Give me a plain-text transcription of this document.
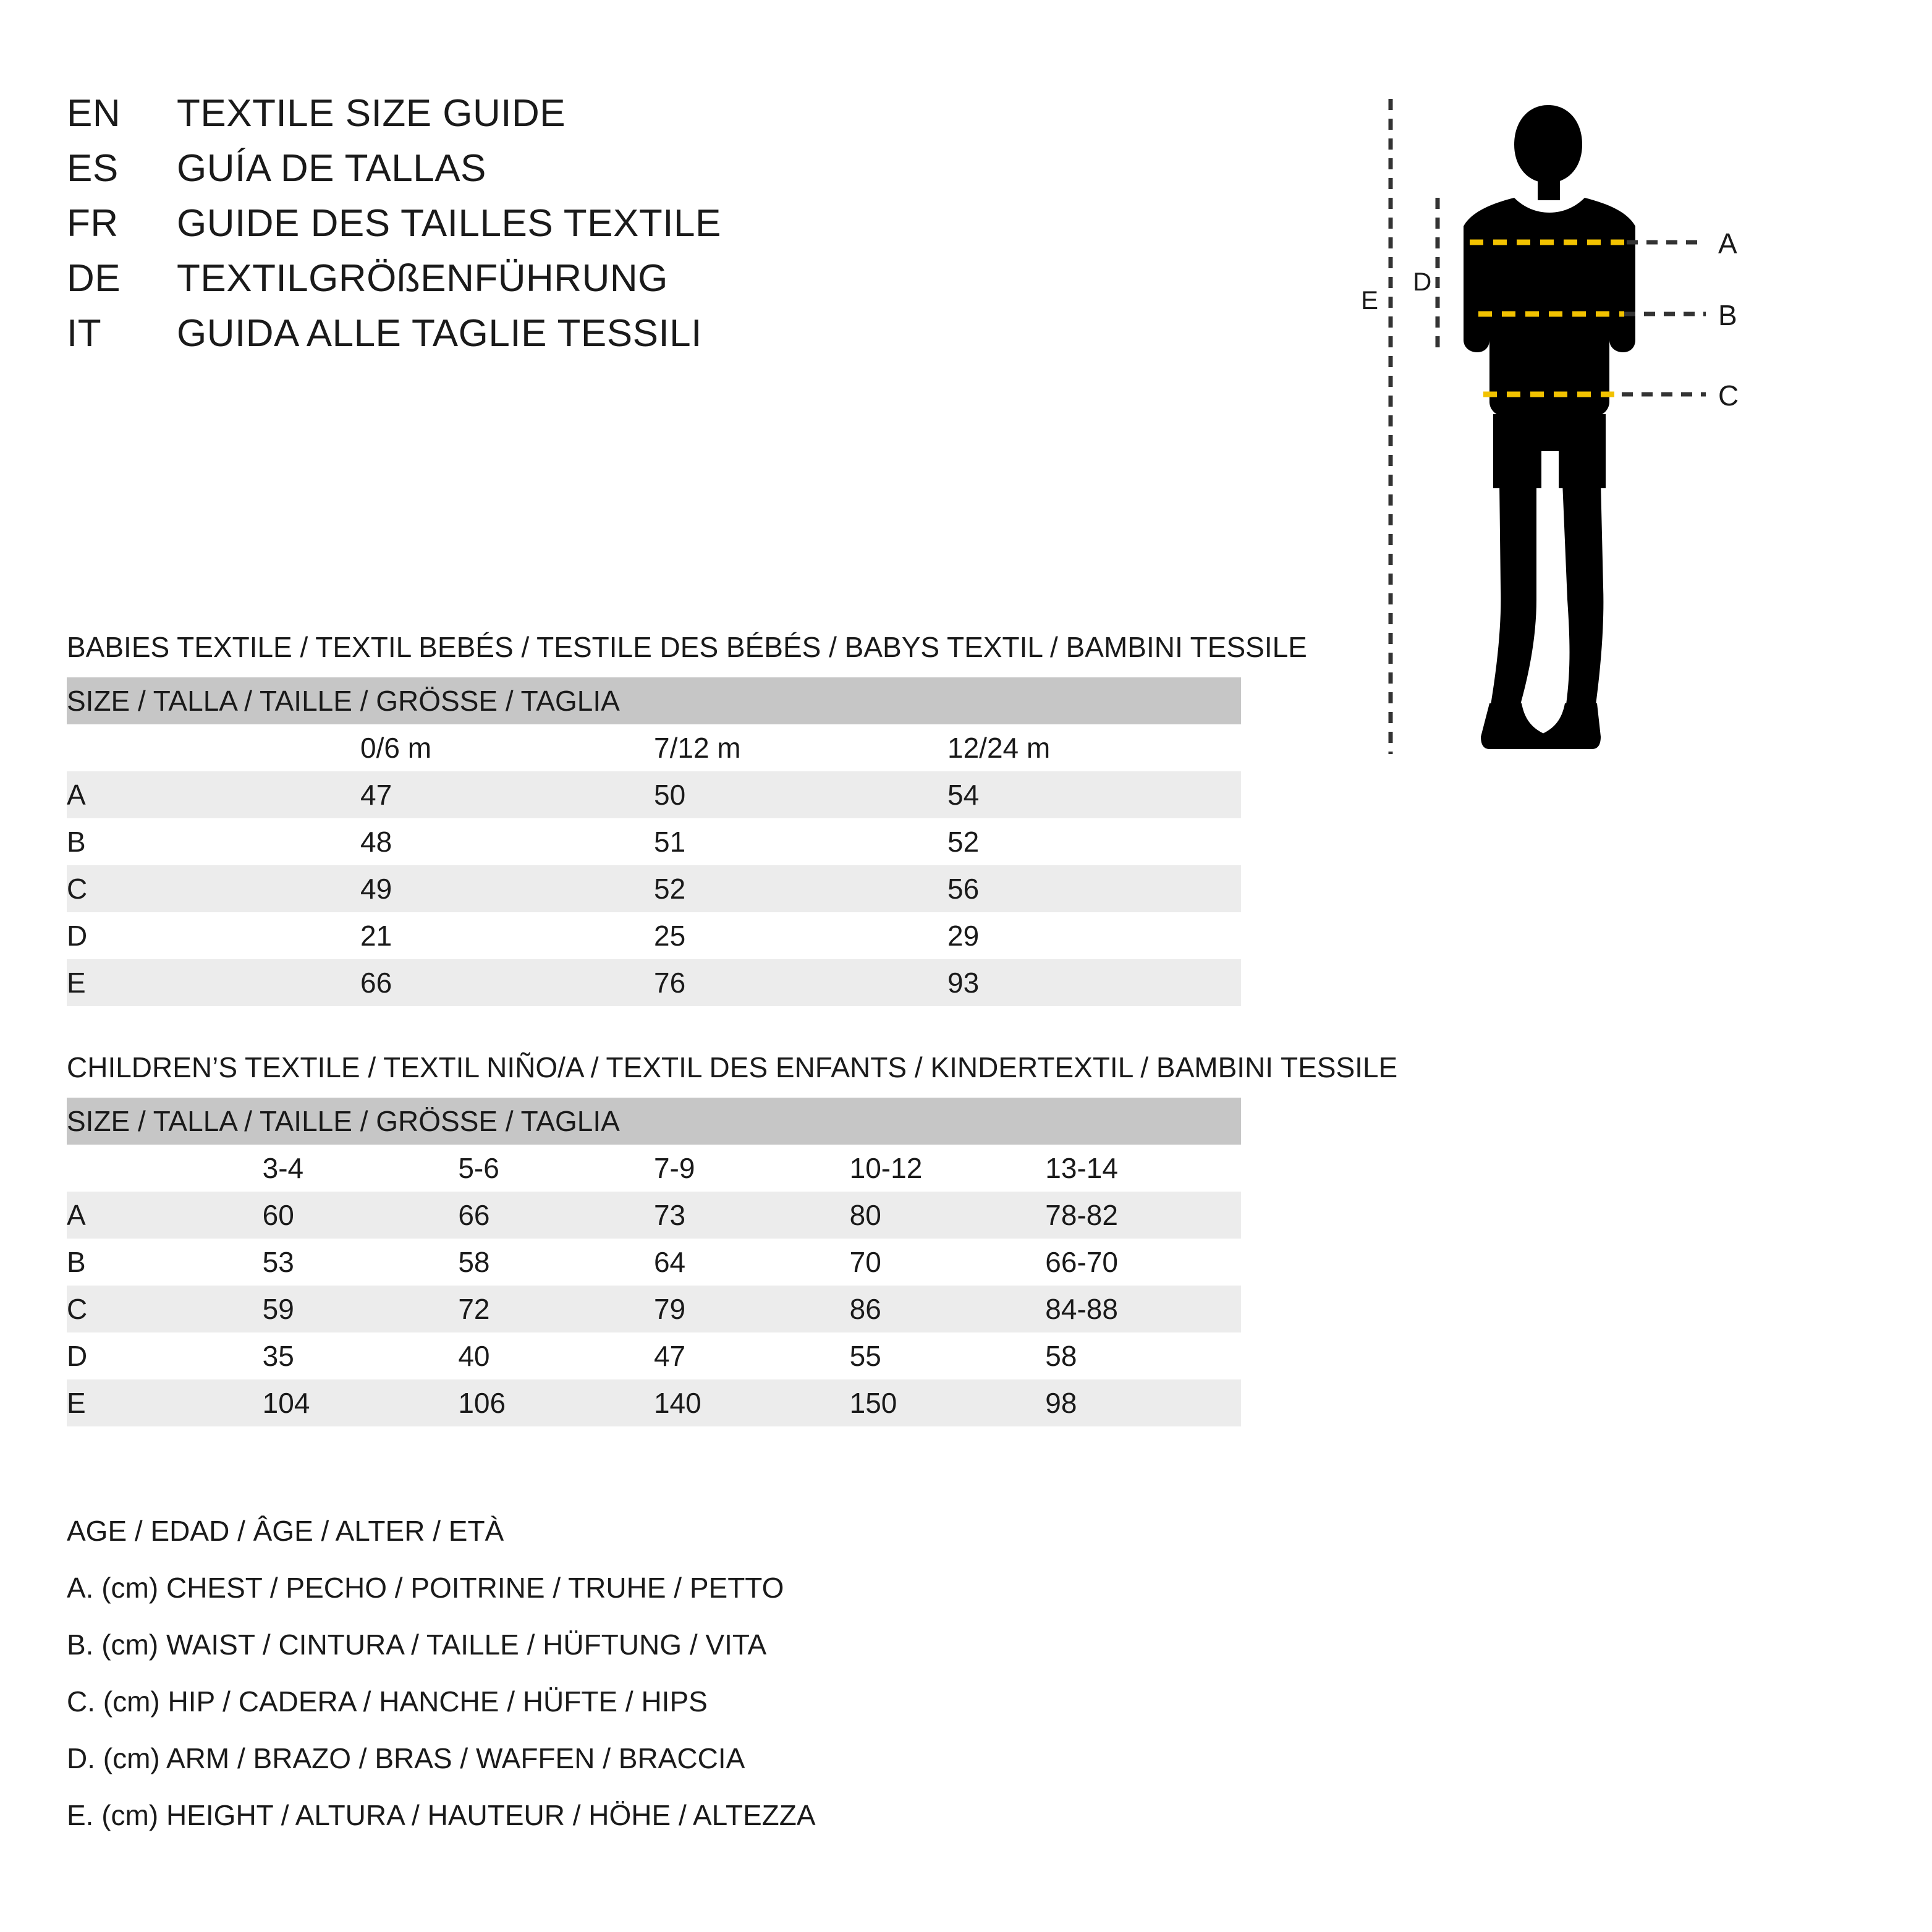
EN	TEXTILE SIZE GUIDE
ES	GUÍA DE TALLAS
FR	GUIDE DES TAILLES TEXTILE
DE	TEXTILGRÖßENFÜHRUNG
IT	GUIDA ALLE TAGLIE TESSILI
A
B
C
D
E
BABIES TEXTILE / TEXTIL BEBÉS / TESTILE DES BÉBÉS / BABYS TEXTIL / BAMBINI TESSILE
SIZE / TALLA / TAILLE / GRÖSSE / TAGLIA			
	0/6 m	7/12 m	12/24 m
A	47	50	54
B	48	51	52
C	49	52	56
D	21	25	29
E	66	76	93
CHILDREN’S TEXTILE / TEXTIL NIÑO/A / TEXTIL DES ENFANTS / KINDERTEXTIL / BAMBINI TESSILE
SIZE / TALLA / TAILLE / GRÖSSE / TAGLIA					
	3-4	5-6	7-9	10-12	13-14
A	60	66	73	80	78-82
B	53	58	64	70	66-70
C	59	72	79	86	84-88
D	35	40	47	55	58
E	104	106	140	150	98
AGE / EDAD / ÂGE / ALTER / ETÀ
A. (cm) CHEST / PECHO / POITRINE / TRUHE / PETTO
B. (cm) WAIST / CINTURA / TAILLE / HÜFTUNG / VITA
C. (cm) HIP / CADERA / HANCHE / HÜFTE / HIPS
D. (cm) ARM / BRAZO / BRAS / WAFFEN / BRACCIA
E. (cm) HEIGHT / ALTURA / HAUTEUR / HÖHE / ALTEZZA
